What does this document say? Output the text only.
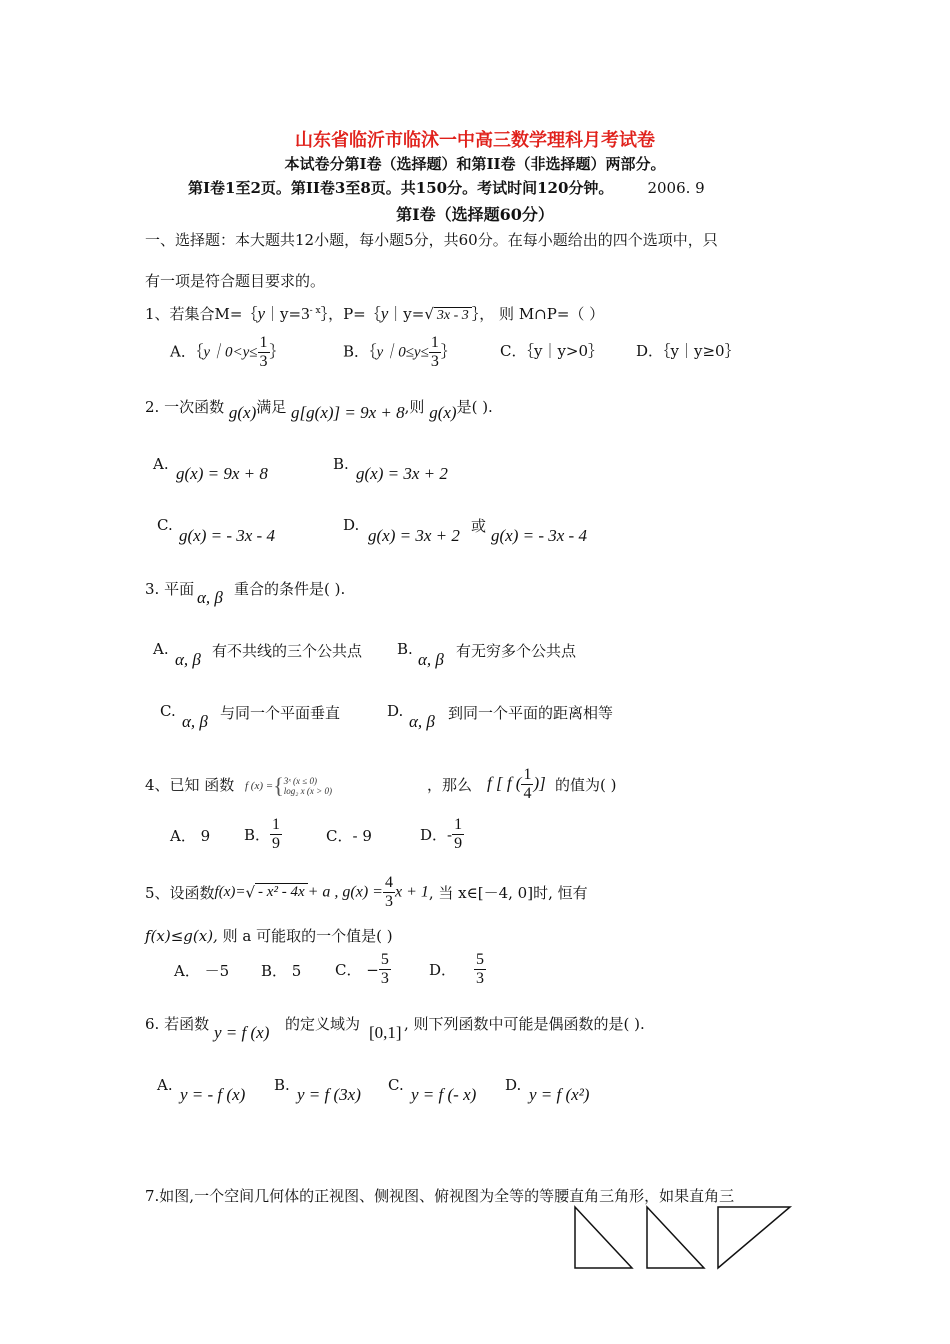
山东省临沂市临沭一中高三数学理科月考试卷
本试卷分第Ⅰ卷（选择题）和第II卷（非选择题）两部分。
第Ⅰ卷1至2页。第II卷3至8页。共150分。考试时间120分钟。 2006. 9
第Ⅰ卷（选择题60分）
一、选择题：本大题共12小题，每小题5分，共60分。在每小题给出的四个选项中，只
有一项是符合题目要求的。
1、若集合$M=\{y|y=3^{- x}\}$，P=｛y｜y=√ 3x - 3 ｝， 则 M∩P=（ ）
A．｛y｜0<y≤ $\frac{1}{3}$ ｝	B．｛y｜0≤y≤ $\frac{1}{3}$ ｝	C．｛y｜y>0｝ D．｛y｜y≥0｝
2. 一次函数 g(x)满足 g[g(x)] = 9x + 8,则 g(x)是( ).
A. g(x) = 9x + 8	B. g(x) = 3x + 2
C.
g(x) = - 3x - 4
D.
g(x) = 3x + 2 或 g(x) = - 3x - 4
3. 平面 α, β 重合的条件是( ).
A.
α, β 有不共线的三个公共点 B.
α, β 有无穷多个公共点
C.
α, β 与同一个平面垂直	D.
α, β 到同一个平面的距离相等
4、已知 函数 f (x) ={ 3ˣ (x ≤ 0)
log₂ x (x > 0)	，那么 f [ f ( $\frac{1}{4}$ )] 的值为( )
A． 9 B． $\frac{1}{9}$	C．- 9	D．- $\frac{1}{9}$
5、设函数f(x)=√ - x² - 4x + a , $g(x) = \frac{4}{3}$ x + 1, 当 x∈[－4, 0]时, 恒有
f(x)≤g(x), 则 a 可能取的一个值是( )
A． －5 B． 5 C． − $\frac{5}{3}$	D． $\frac{5}{3}$
6. 若函数 y = f (x) 的定义域为 [0,1] , 则下列函数中可能是偶函数的是( ).
A. y = - f (x) B. y = f (3x) C. y = f (- x) D. y = f (x²)
7.如图,一个空间几何体的正视图、侧视图、俯视图为全等的等腰直角三角形，如果直角三
